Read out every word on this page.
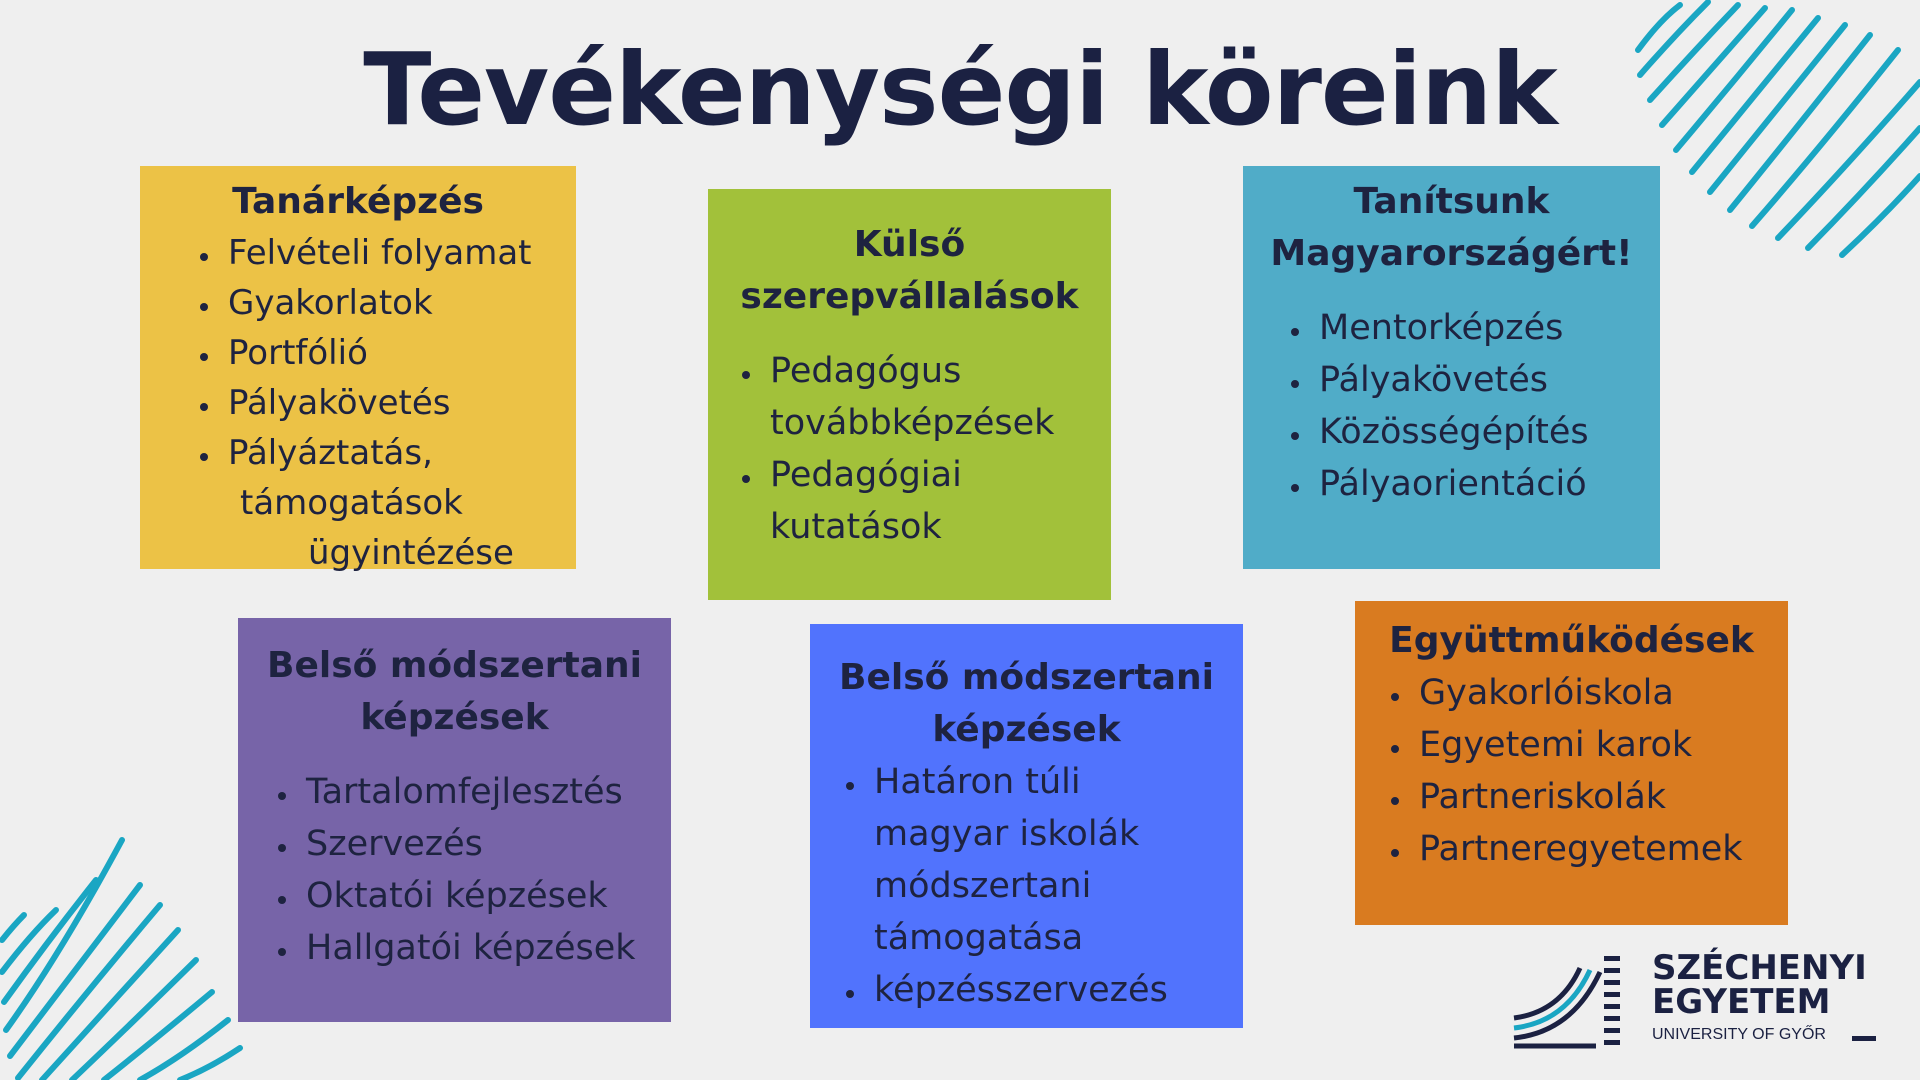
Tevékenységi köreink
Tanárképzés
• Felvételi folyamat
• Gyakorlatok
• Portfólió
• Pályakövetés
• Pályáztatás,
támogatások
ügyintézése
Külső
szerepvállalások
• Pedagógus
továbbképzések
• Pedagógiai
kutatások
Tanítsunk
Magyarországért!
• Mentorképzés
• Pályakövetés
• Közösségépítés
• Pályaorientáció
Belső módszertani
képzések
• Tartalomfejlesztés
• Szervezés
• Oktatói képzések
• Hallgatói képzések
Belső módszertani
képzések
• Határon túli
magyar iskolák
módszertani
támogatása
• képzésszervezés
Együttműködések
• Gyakorlóiskola
• Egyetemi karok
• Partneriskolák
• Partneregyetemek
SZÉCHENYI
EGYETEM
UNIVERSITY OF GYŐR
